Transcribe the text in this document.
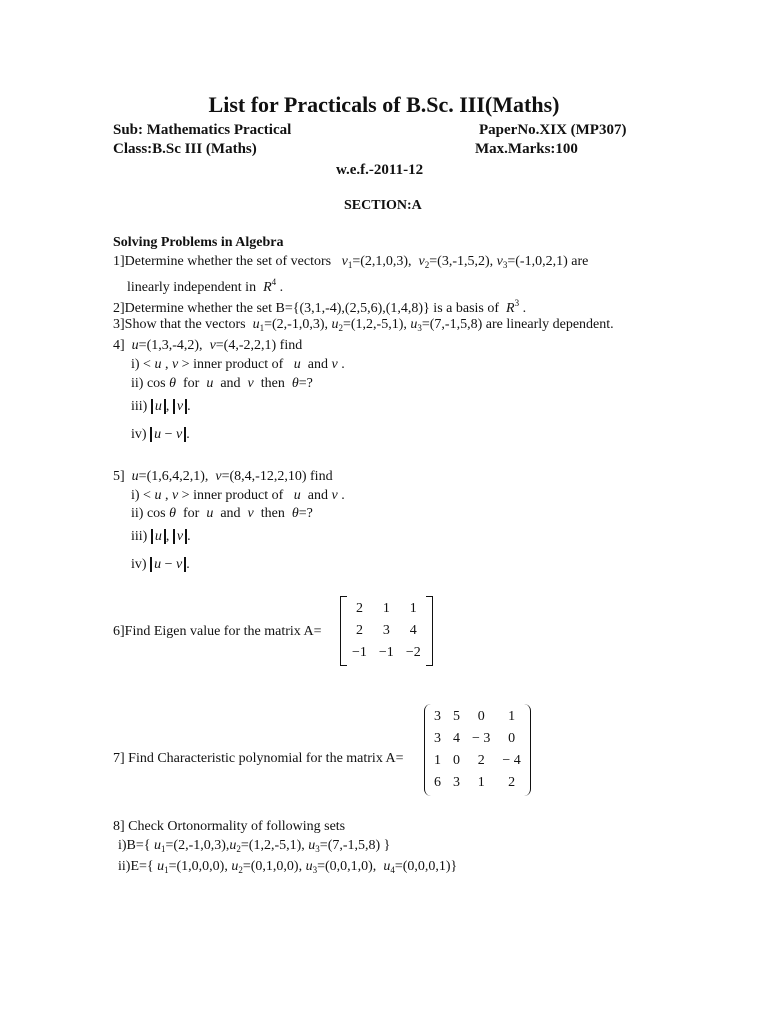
List for Practicals of B.Sc. III(Maths)
Sub: Mathematics Practical	PaperNo.XIX (MP307)
Class:B.Sc III (Maths)	Max.Marks:100
w.e.f.-2011-12
SECTION:A
Solving Problems in Algebra
1]Determine whether the set of vectors $v_1=(2,1,0,3)$, $v_2=(3,-1,5,2)$, $v_3=(-1,0,2,1)$ are
linearly independent in $R^4$ .
2]Determine whether the set B={(3,1,-4),(2,5,6),(1,4,8)} is a basis of $R^3$ .
3]Show that the vectors $u_1=(2,-1,0,3)$, $u_2=(1,2,-5,1)$, $u_3=(7,-1,5,8)$ are linearly dependent.
4] u=(1,3,-4,2), v=(4,-2,2,1) find
i) < u , v > inner product of u and v .
ii) cos θ for u and v then θ=?
iii) u , v .
iv) u − v .
5] u=(1,6,4,2,1), v=(8,4,-12,2,10) find
i) < u , v > inner product of u and v .
ii) cos θ for u and v then θ=?
iii) u , v .
iv) u − v .
6]Find Eigen value for the matrix A=
2	1	1
2	3	4
−1	−1	−2
7] Find Characteristic polynomial for the matrix A=
3	5	0	1
3	4	− 3	0
1	0	2	− 4
6	3	1	2
8] Check Ortonormality of following sets
i)B={ $u_1=(2,-1,0,3),u_2=(1,2,-5,1)$, $u_3=(7,-1,5,8)$ }
ii)E={ $u_1=(1,0,0,0)$, $u_2=(0,1,0,0)$, $u_3=(0,0,1,0)$, $u_4=(0,0,0,1)$}
